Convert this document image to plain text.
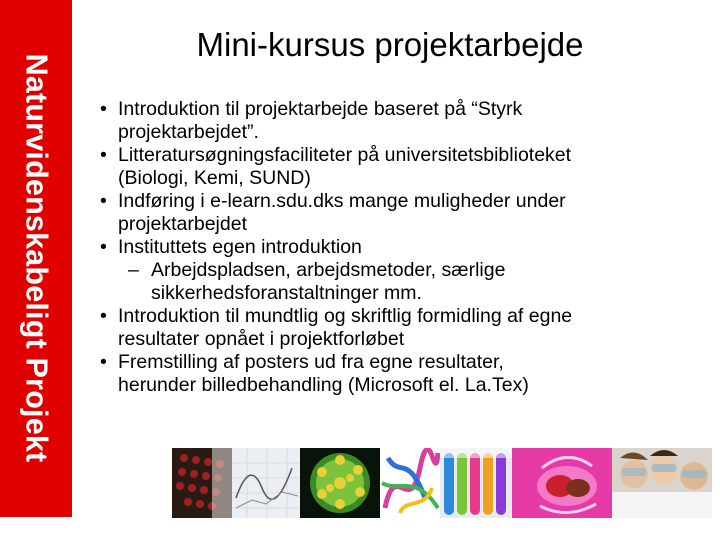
Naturvidenskabeligt Projekt
Mini-kursus projektarbejde
• Introduktion til projektarbejde baseret på “Styrk
projektarbejdet”.
• Litteratursøgningsfaciliteter på universitetsbiblioteket
(Biologi, Kemi, SUND)
• Indføring i e-learn.sdu.dks mange muligheder under
projektarbejdet
• Instituttets egen introduktion
– Arbejdspladsen, arbejdsmetoder, særlige
sikkerhedsforanstaltninger mm.
• Introduktion til mundtlig og skriftlig formidling af egne
resultater opnået i projektforløbet
• Fremstilling af posters ud fra egne resultater,
herunder billedbehandling (Microsoft el. La.Tex)
